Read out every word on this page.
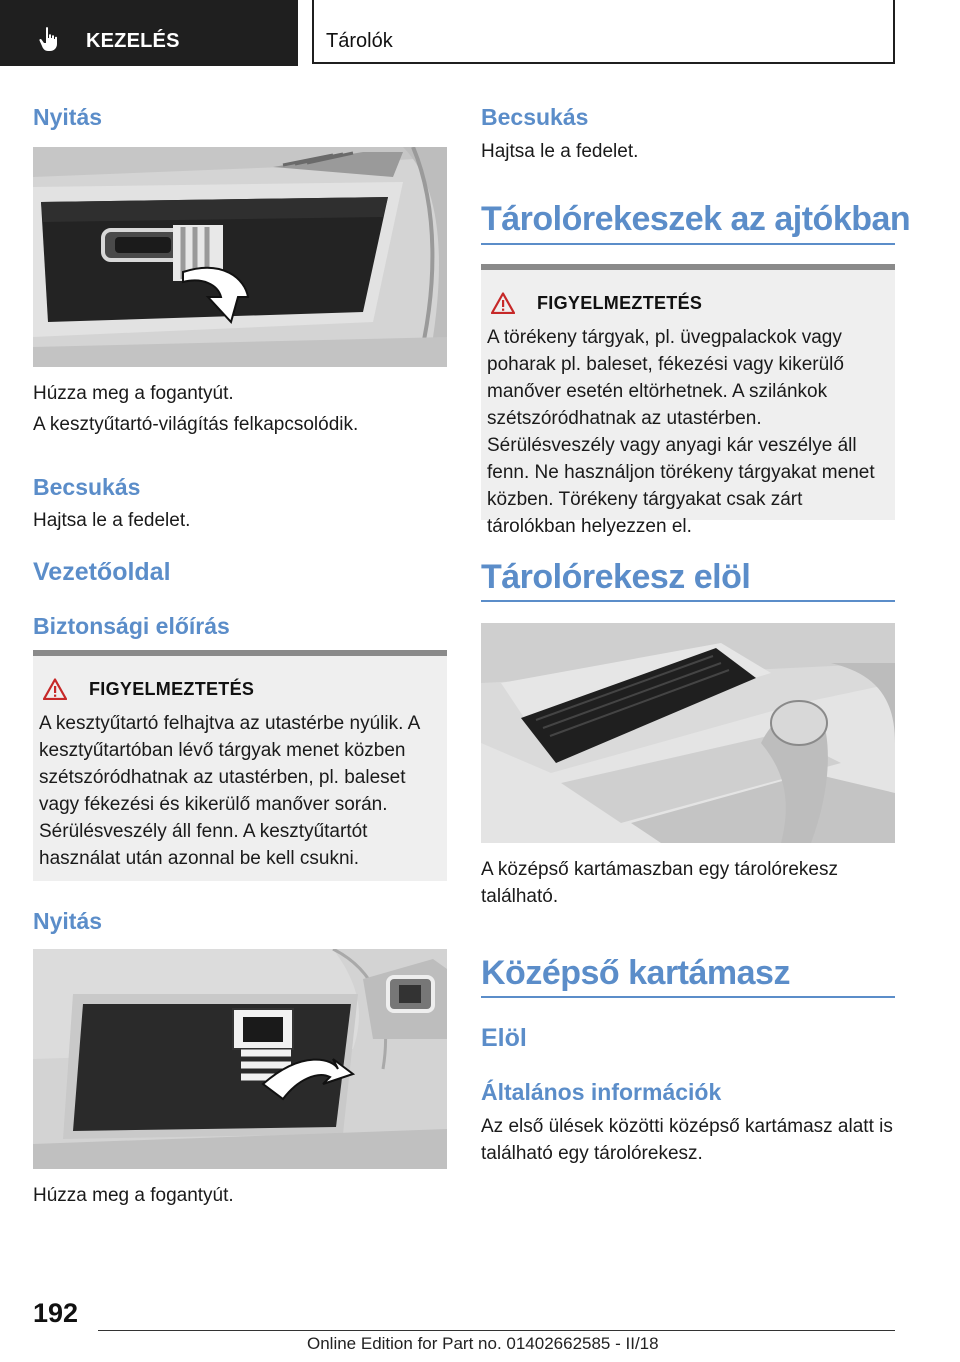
KEZELÉS	Tárolók
Nyitás
Húzza meg a fogantyút.
A kesztyűtartó-világítás felkapcsolódik.
Becsukás
Hajtsa le a fedelet.
Vezetőoldal
Biztonsági előírás
FIGYELMEZTETÉS
A kesztyűtartó felhajtva az utastérbe nyúlik. A kesztyűtartóban lévő tárgyak menet közben szétszóródhatnak az utastérben, pl. baleset vagy fékezési és kikerülő manőver során. Sérülésveszély áll fenn. A kesztyűtartót használat után azonnal be kell csukni.
Nyitás
Húzza meg a fogantyút.
Becsukás
Hajtsa le a fedelet.
Tárolórekeszek az ajtókban
FIGYELMEZTETÉS
A törékeny tárgyak, pl. üvegpalackok vagy poharak pl. baleset, fékezési vagy kikerülő manőver esetén eltörhetnek. A szilánkok szétszóródhatnak az utastérben. Sérülésveszély vagy anyagi kár veszélye áll fenn. Ne használjon törékeny tárgyakat menet közben. Törékeny tárgyakat csak zárt tárolókban helyezzen el.
Tárolórekesz elöl
A középső kartámaszban egy tárolórekesz található.
Középső kartámasz
Elöl
Általános információk
Az első ülések közötti középső kartámasz alatt is található egy tárolórekesz.
192
Online Edition for Part no. 01402662585 - II/18
